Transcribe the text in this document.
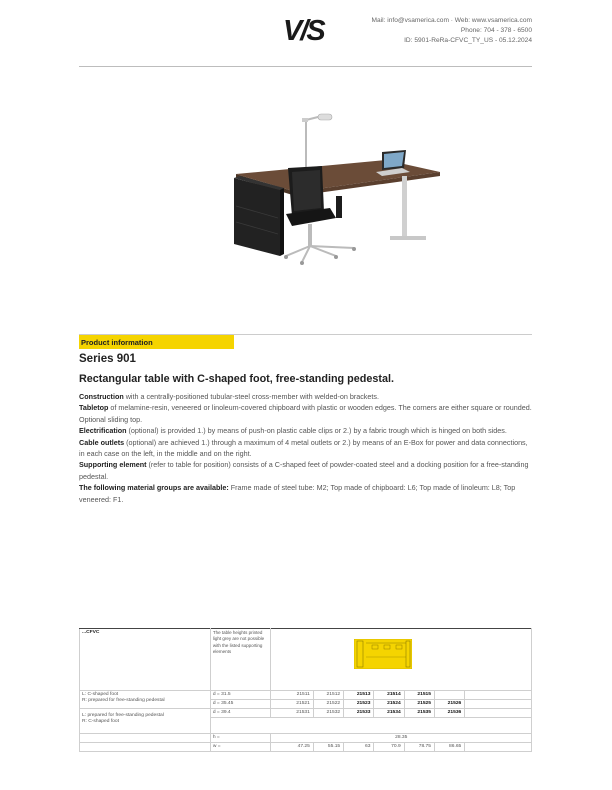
V/S	Mail: info@vsamerica.com · Web: www.vsamerica.com
Phone: 704 - 378 - 6500
ID: 5901-ReRa-CFVC_TY_US - 05.12.2024
Product information
Series 901
Rectangular table with C-shaped foot, free-standing pedestal.

Construction with a centrally-positioned tubular-steel cross-member with welded-on brackets.

Tabletop of melamine-resin, veneered or linoleum-covered chipboard with plastic or wooden edges. The corners are either square or rounded. Optional sliding top.

Electrification (optional) is provided 1.) by means of push-on plastic cable clips or 2.) by a fabric trough which is hinged on both sides.

Cable outlets (optional) are achieved 1.) through a maximum of 4 metal outlets or 2.) by means of an E-Box for power and data connections, in each case on the left, in the middle and on the right.

Supporting element (refer to table for position) consists of a C-shaped feet of powder-coated steel and a docking position for a free-standing pedestal.

The following material groups are available: Frame made of steel tube: M2; Top made of chipboard: L6; Top made of linoleum: L8; Top veneered: F1.

...CFVC	The table heights printed light grey are not possible with the listed supporting elements	

L: C-shaped foot
R: prepared for free-standing pedestal	d = 31.5	21511	21512	21513	21514	21515		
	d = 35.45	21521	21522	21523	21524	21525	21526	
L: prepared for free-standing pedestal
R: C-shaped foot	d = 39.4	21531	21532	21533	21534	21535	21536	

	h =	28.35						
	w =	47.25	55.15	63	70.9	78.75	86.65	
